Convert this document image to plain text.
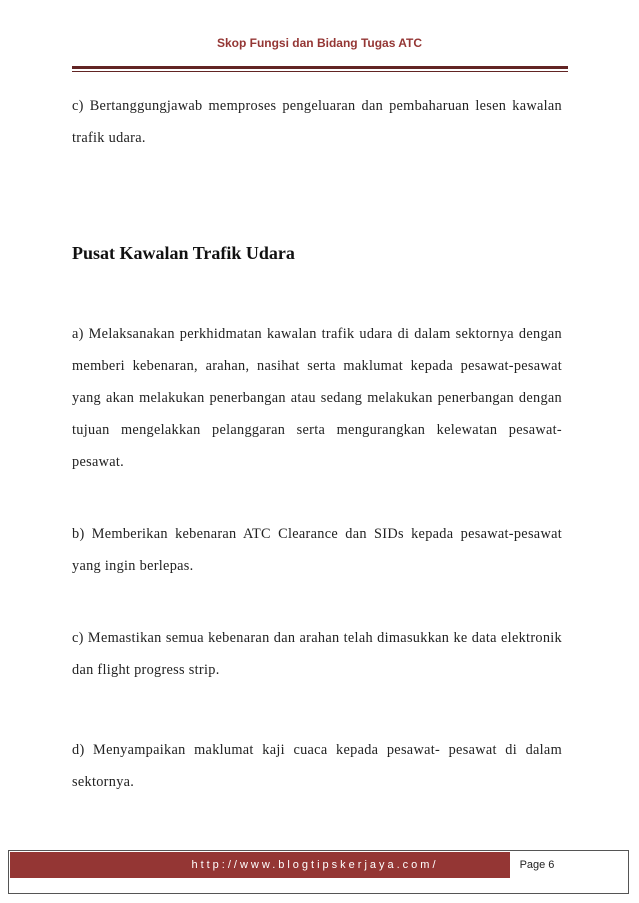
Skop Fungsi dan Bidang Tugas ATC

c) Bertanggungjawab memproses pengeluaran dan pembaharuan lesen kawalan trafik udara.

Pusat Kawalan Trafik Udara

a) Melaksanakan perkhidmatan kawalan trafik udara di dalam sektornya dengan memberi kebenaran, arahan, nasihat serta maklumat kepada pesawat-pesawat yang akan melakukan penerbangan atau sedang melakukan penerbangan dengan tujuan mengelakkan pelanggaran serta mengurangkan kelewatan pesawat-pesawat.

b) Memberikan kebenaran ATC Clearance dan SIDs kepada pesawat-pesawat yang ingin berlepas.

c) Memastikan semua kebenaran dan arahan telah dimasukkan ke data elektronik dan flight progress strip.

d) Menyampaikan maklumat kaji cuaca kepada pesawat- pesawat di dalam sektornya.

http://www.blogtipskerjaya.com/	Page 6
